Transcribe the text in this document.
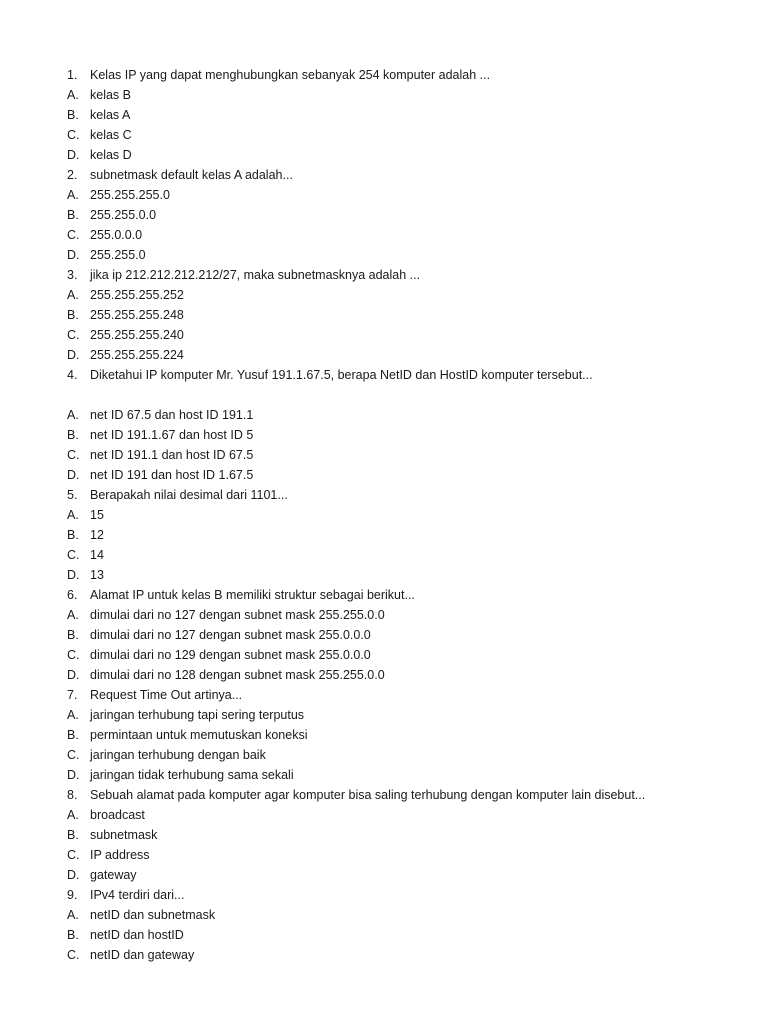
1.	Kelas IP yang dapat menghubungkan sebanyak 254 komputer adalah ...
A. kelas B
B. kelas A
C. kelas C
D. kelas D
2.	subnetmask default kelas A adalah...
A. 255.255.255.0
B. 255.255.0.0
C. 255.0.0.0
D. 255.255.0
3.	jika ip 212.212.212.212/27, maka subnetmasknya adalah ...
A. 255.255.255.252
B. 255.255.255.248
C. 255.255.255.240
D. 255.255.255.224
4.	Diketahui IP komputer Mr. Yusuf 191.1.67.5, berapa NetID dan HostID komputer tersebut...
A. net ID 67.5 dan host ID 191.1
B. net ID 191.1.67 dan host ID 5
C. net ID 191.1 dan host ID 67.5
D. net ID 191 dan host ID 1.67.5
5.	Berapakah nilai desimal dari 1101...
A. 15
B. 12
C. 14
D. 13
6.	Alamat IP untuk kelas B memiliki struktur sebagai berikut...
A. dimulai dari no 127 dengan subnet mask 255.255.0.0
B. dimulai dari no 127 dengan subnet mask 255.0.0.0
C. dimulai dari no 129 dengan subnet mask 255.0.0.0
D. dimulai dari no 128 dengan subnet mask 255.255.0.0
7.	Request Time Out artinya...
A. jaringan terhubung tapi sering terputus
B. permintaan untuk memutuskan koneksi
C. jaringan terhubung dengan baik
D. jaringan tidak terhubung sama sekali
8.	Sebuah alamat pada komputer agar komputer bisa saling terhubung dengan komputer lain disebut...
A. broadcast
B. subnetmask
C. IP address
D. gateway
9.	IPv4 terdiri dari...
A. netID dan subnetmask
B. netID dan hostID
C. netID dan gateway
